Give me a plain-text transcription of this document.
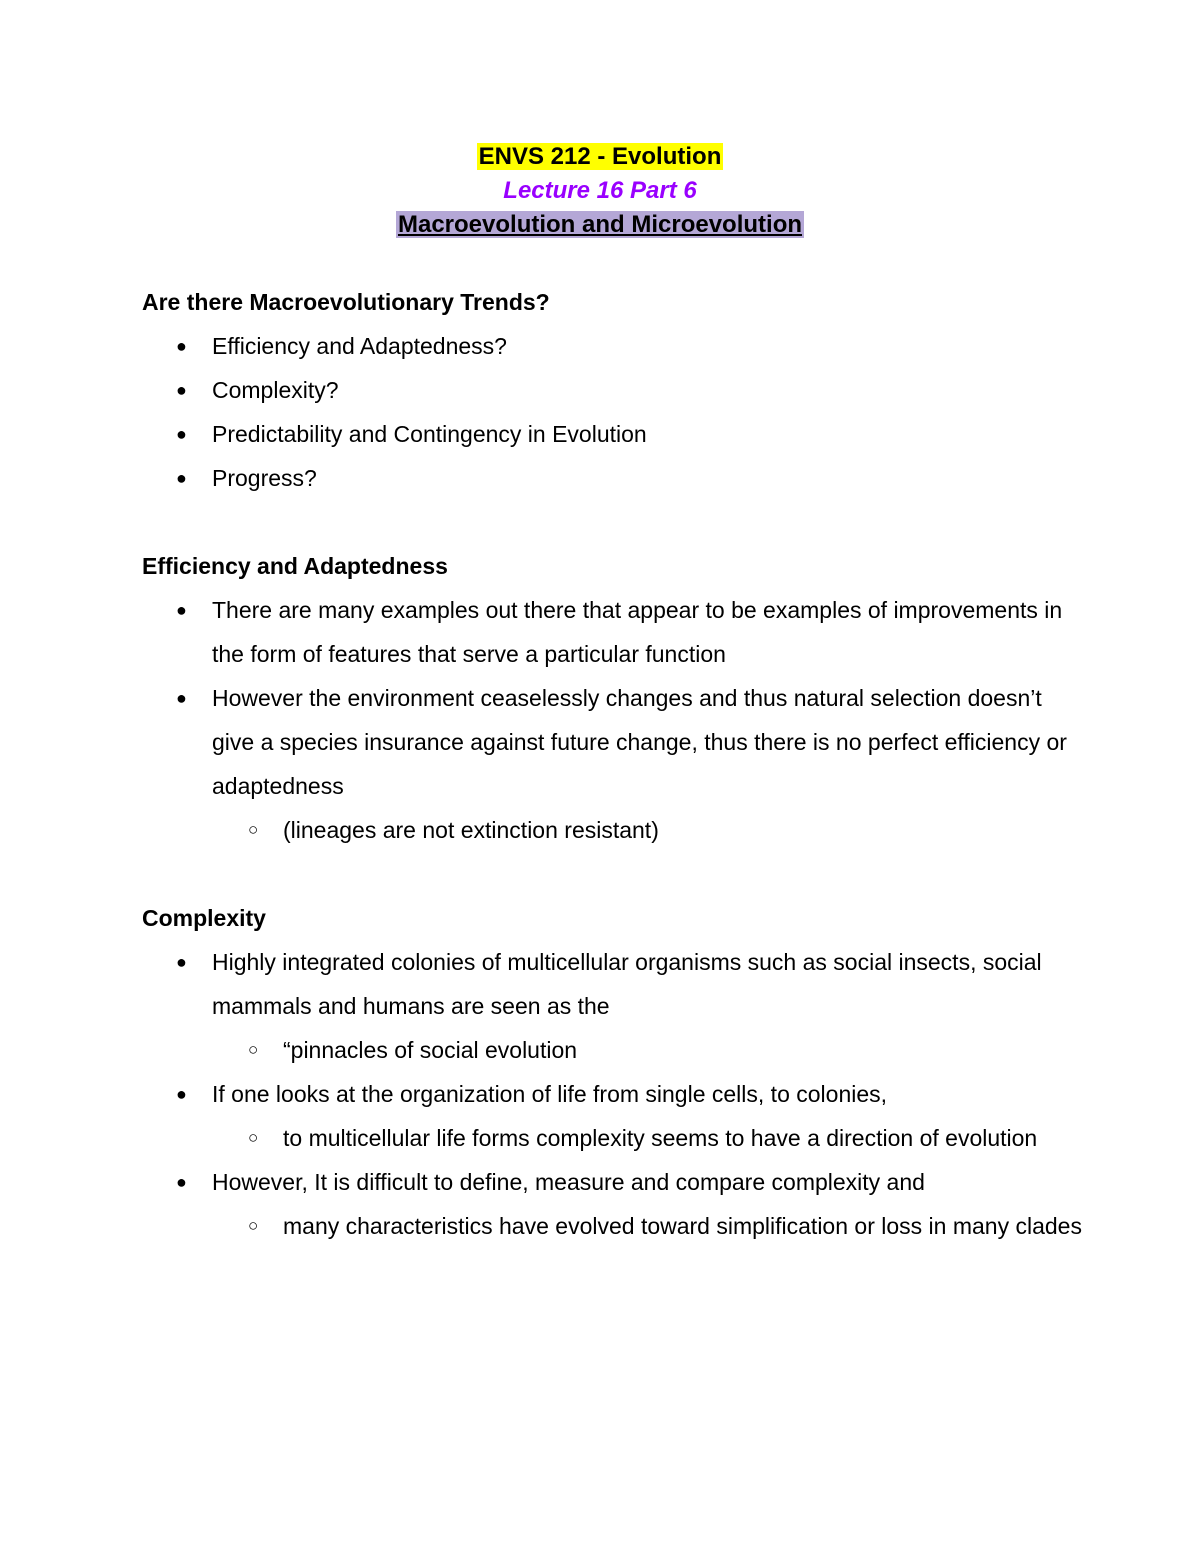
ENVS 212 - Evolution
Lecture 16 Part 6
Macroevolution and Microevolution

Are there Macroevolutionary Trends?

● Efficiency and Adaptedness?

● Complexity?

● Predictability and Contingency in Evolution

● Progress?

Efficiency and Adaptedness

● There are many examples out there that appear to be examples of improvements in the form of features that serve a particular function

● However the environment ceaselessly changes and thus natural selection doesn’t give a species insurance against future change, thus there is no perfect efficiency or adaptedness

○ (lineages are not extinction resistant)

Complexity

● Highly integrated colonies of multicellular organisms such as social insects, social mammals and humans are seen as the

○ “pinnacles of social evolution

● If one looks at the organization of life from single cells, to colonies,

○ to multicellular life forms complexity seems to have a direction of evolution

● However, It is difficult to define, measure and compare complexity and

○ many characteristics have evolved toward simplification or loss in many clades
